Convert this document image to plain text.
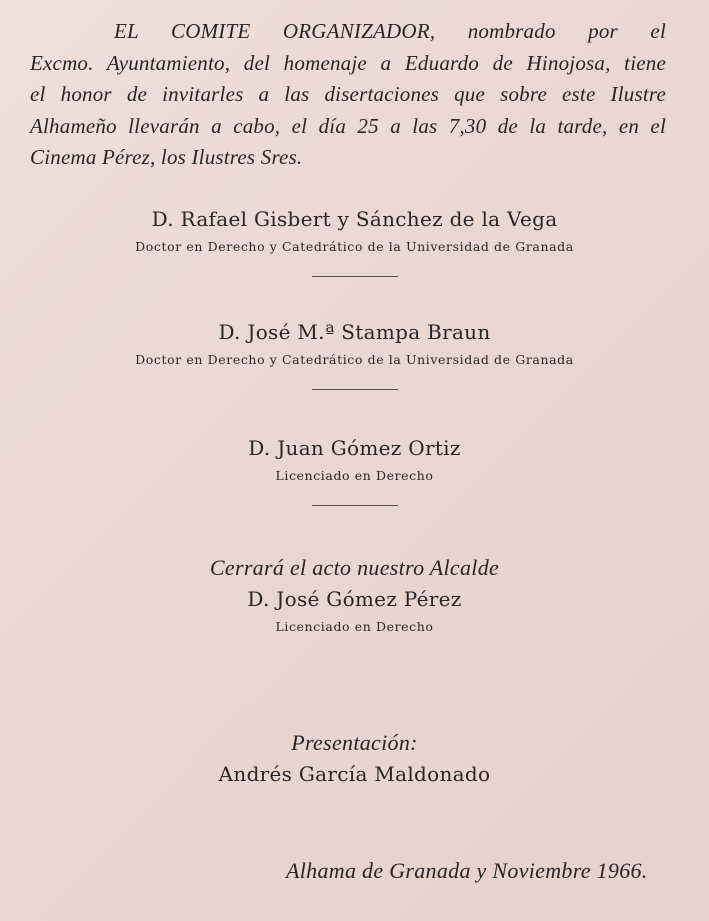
EL COMITE ORGANIZADOR, nombrado por el
Excmo. Ayuntamiento, del homenaje a Eduardo de Hinojosa, tiene
el honor de invitarles a las disertaciones que sobre este Ilustre
Alhameño llevarán a cabo, el día 25 a las 7,30 de la tarde, en el
Cinema Pérez, los Ilustres Sres.
D. Rafael Gisbert y Sánchez de la Vega
Doctor en Derecho y Catedrático de la Universidad de Granada
D. José M.ª Stampa Braun
Doctor en Derecho y Catedrático de la Universidad de Granada
D. Juan Gómez Ortiz
Licenciado en Derecho
Cerrará el acto nuestro Alcalde
D. José Gómez Pérez
Licenciado en Derecho
Presentación:
Andrés García Maldonado
Alhama de Granada y Noviembre 1966.
